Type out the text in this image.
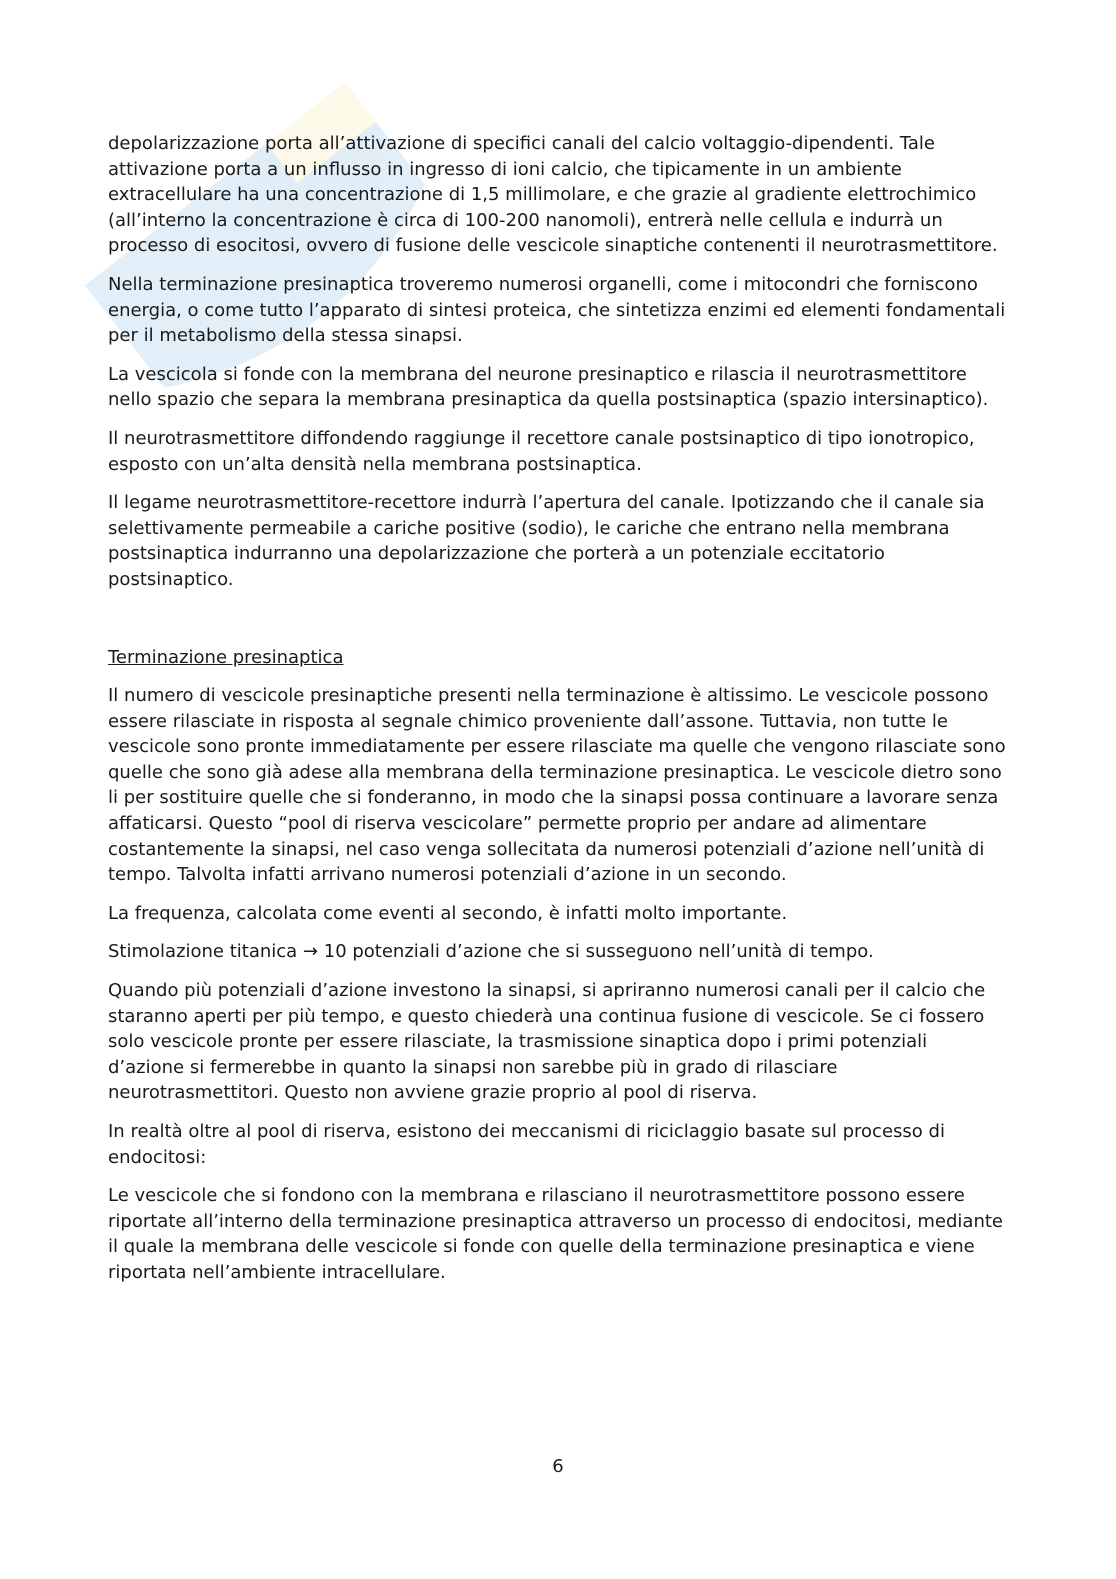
depolarizzazione porta all’attivazione di specifici canali del calcio voltaggio-dipendenti. Tale attivazione porta a un influsso in ingresso di ioni calcio, che tipicamente in un ambiente extracellulare ha una concentrazione di 1,5 millimolare, e che grazie al gradiente elettrochimico (all’interno la concentrazione è circa di 100-200 nanomoli), entrerà nelle cellula e indurrà un processo di esocitosi, ovvero di fusione delle vescicole sinaptiche contenenti il neurotrasmettitore.

Nella terminazione presinaptica troveremo numerosi organelli, come i mitocondri che forniscono energia, o come tutto l’apparato di sintesi proteica, che sintetizza enzimi ed elementi fondamentali per il metabolismo della stessa sinapsi.

La vescicola si fonde con la membrana del neurone presinaptico e rilascia il neurotrasmettitore nello spazio che separa la membrana presinaptica da quella postsinaptica (spazio intersinaptico).

Il neurotrasmettitore diffondendo raggiunge il recettore canale postsinaptico di tipo ionotropico, esposto con un’alta densità nella membrana postsinaptica.

Il legame neurotrasmettitore-recettore indurrà l’apertura del canale. Ipotizzando che il canale sia selettivamente permeabile a cariche positive (sodio), le cariche che entrano nella membrana postsinaptica indurranno una depolarizzazione che porterà a un potenziale eccitatorio postsinaptico.

Terminazione presinaptica

Il numero di vescicole presinaptiche presenti nella terminazione è altissimo. Le vescicole possono essere rilasciate in risposta al segnale chimico proveniente dall’assone. Tuttavia, non tutte le vescicole sono pronte immediatamente per essere rilasciate ma quelle che vengono rilasciate sono quelle che sono già adese alla membrana della terminazione presinaptica. Le vescicole dietro sono li per sostituire quelle che si fonderanno, in modo che la sinapsi possa continuare a lavorare senza affaticarsi. Questo “pool di riserva vescicolare” permette proprio per andare ad alimentare costantemente la sinapsi, nel caso venga sollecitata da numerosi potenziali d’azione nell’unità di tempo. Talvolta infatti arrivano numerosi potenziali d’azione in un secondo.

La frequenza, calcolata come eventi al secondo, è infatti molto importante.

Stimolazione titanica → 10 potenziali d’azione che si susseguono nell’unità di tempo.

Quando più potenziali d’azione investono la sinapsi, si apriranno numerosi canali per il calcio che staranno aperti per più tempo, e questo chiederà una continua fusione di vescicole. Se ci fossero solo vescicole pronte per essere rilasciate, la trasmissione sinaptica dopo i primi potenziali d’azione si fermerebbe in quanto la sinapsi non sarebbe più in grado di rilasciare neurotrasmettitori. Questo non avviene grazie proprio al pool di riserva.

In realtà oltre al pool di riserva, esistono dei meccanismi di riciclaggio basate sul processo di endocitosi:

Le vescicole che si fondono con la membrana e rilasciano il neurotrasmettitore possono essere riportate all’interno della terminazione presinaptica attraverso un processo di endocitosi, mediante il quale la membrana delle vescicole si fonde con quelle della terminazione presinaptica e viene riportata nell’ambiente intracellulare.

6
